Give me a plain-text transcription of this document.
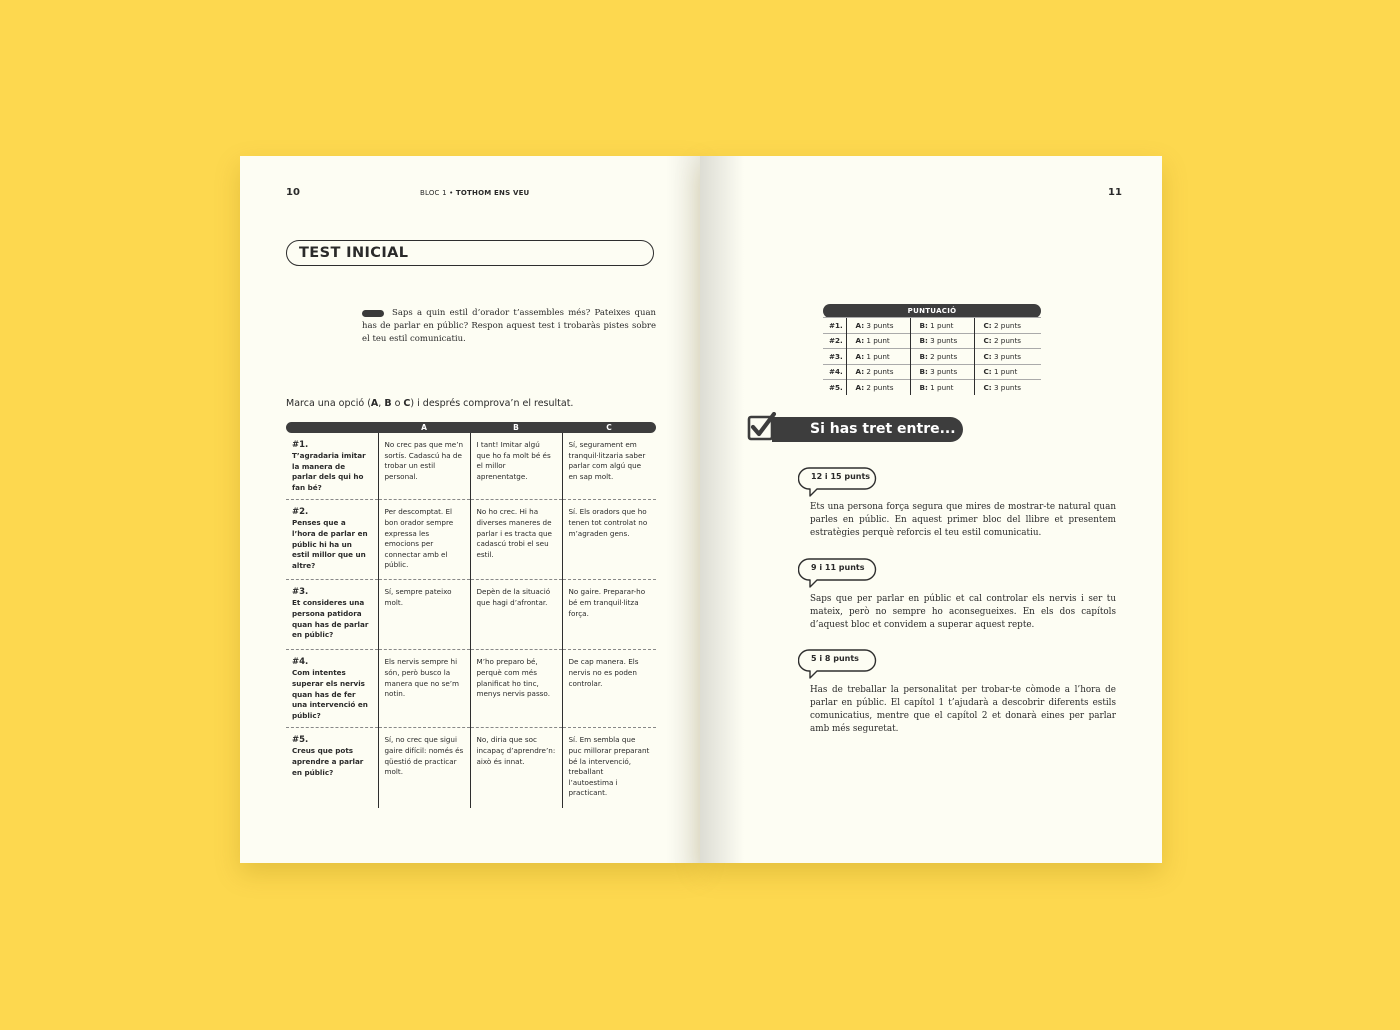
10	BLOC 1 • TOTHOM ENS VEU
TEST INICIAL
Saps a quin estil d’orador t’assembles més? Pateixes quan has de parlar en públic? Respon aquest test i trobaràs pistes sobre el teu estil comunicatiu.
Marca una opció (A, B o C) i després comprova’n el resultat.
	A	B	C

#1.
T’agradaria imitar la manera de parlar dels qui ho fan bé?	No crec pas que me’n sortís. Cadascú ha de trobar un estil personal.	I tant! Imitar algú que ho fa molt bé és el millor aprenentatge.	Sí, segurament em tranquil·litzaria saber parlar com algú que en sap molt.

#2.
Penses que a l’hora de parlar en públic hi ha un estil millor que un altre?	Per descomptat. El bon orador sempre expressa les emocions per connectar amb el públic.	No ho crec. Hi ha diverses maneres de parlar i es tracta que cadascú trobi el seu estil.	Sí. Els oradors que ho tenen tot controlat no m’agraden gens.

#3.
Et consideres una persona patidora quan has de parlar en públic?	Sí, sempre pateixo molt.	Depèn de la situació que hagi d’afrontar.	No gaire. Preparar-ho bé em tranquil·litza força.

#4.
Com intentes superar els nervis quan has de fer una intervenció en públic?	Els nervis sempre hi són, però busco la manera que no se’m notin.	M’ho preparo bé, perquè com més planificat ho tinc, menys nervis passo.	De cap manera. Els nervis no es poden controlar.

#5.
Creus que pots aprendre a parlar en públic?	Sí, no crec que sigui gaire difícil: només és qüestió de practicar molt.	No, diria que soc incapaç d’aprendre’n: això és innat.	Sí. Em sembla que puc millorar preparant bé la intervenció, treballant l’autoestima i practicant.
11
PUNTUACIÓ			
#1.	A: 3 punts	B: 1 punt	C: 2 punts
#2.	A: 1 punt	B: 3 punts	C: 2 punts
#3.	A: 1 punt	B: 2 punts	C: 3 punts
#4.	A: 2 punts	B: 3 punts	C: 1 punt
#5.	A: 2 punts	B: 1 punt	C: 3 punts
Si has tret entre...
12 i 15 punts
Ets una persona força segura que mires de mostrar-te natural quan parles en públic. En aquest primer bloc del llibre et presentem estratègies perquè reforcis el teu estil comunicatiu.
9 i 11 punts
Saps que per parlar en públic et cal controlar els nervis i ser tu mateix, però no sempre ho aconsegueixes. En els dos capítols d’aquest bloc et convidem a superar aquest repte.
5 i 8 punts
Has de treballar la personalitat per trobar-te còmode a l’hora de parlar en públic. El capítol 1 t’ajudarà a descobrir diferents estils comunicatius, mentre que el capítol 2 et donarà eines per parlar amb més seguretat.
